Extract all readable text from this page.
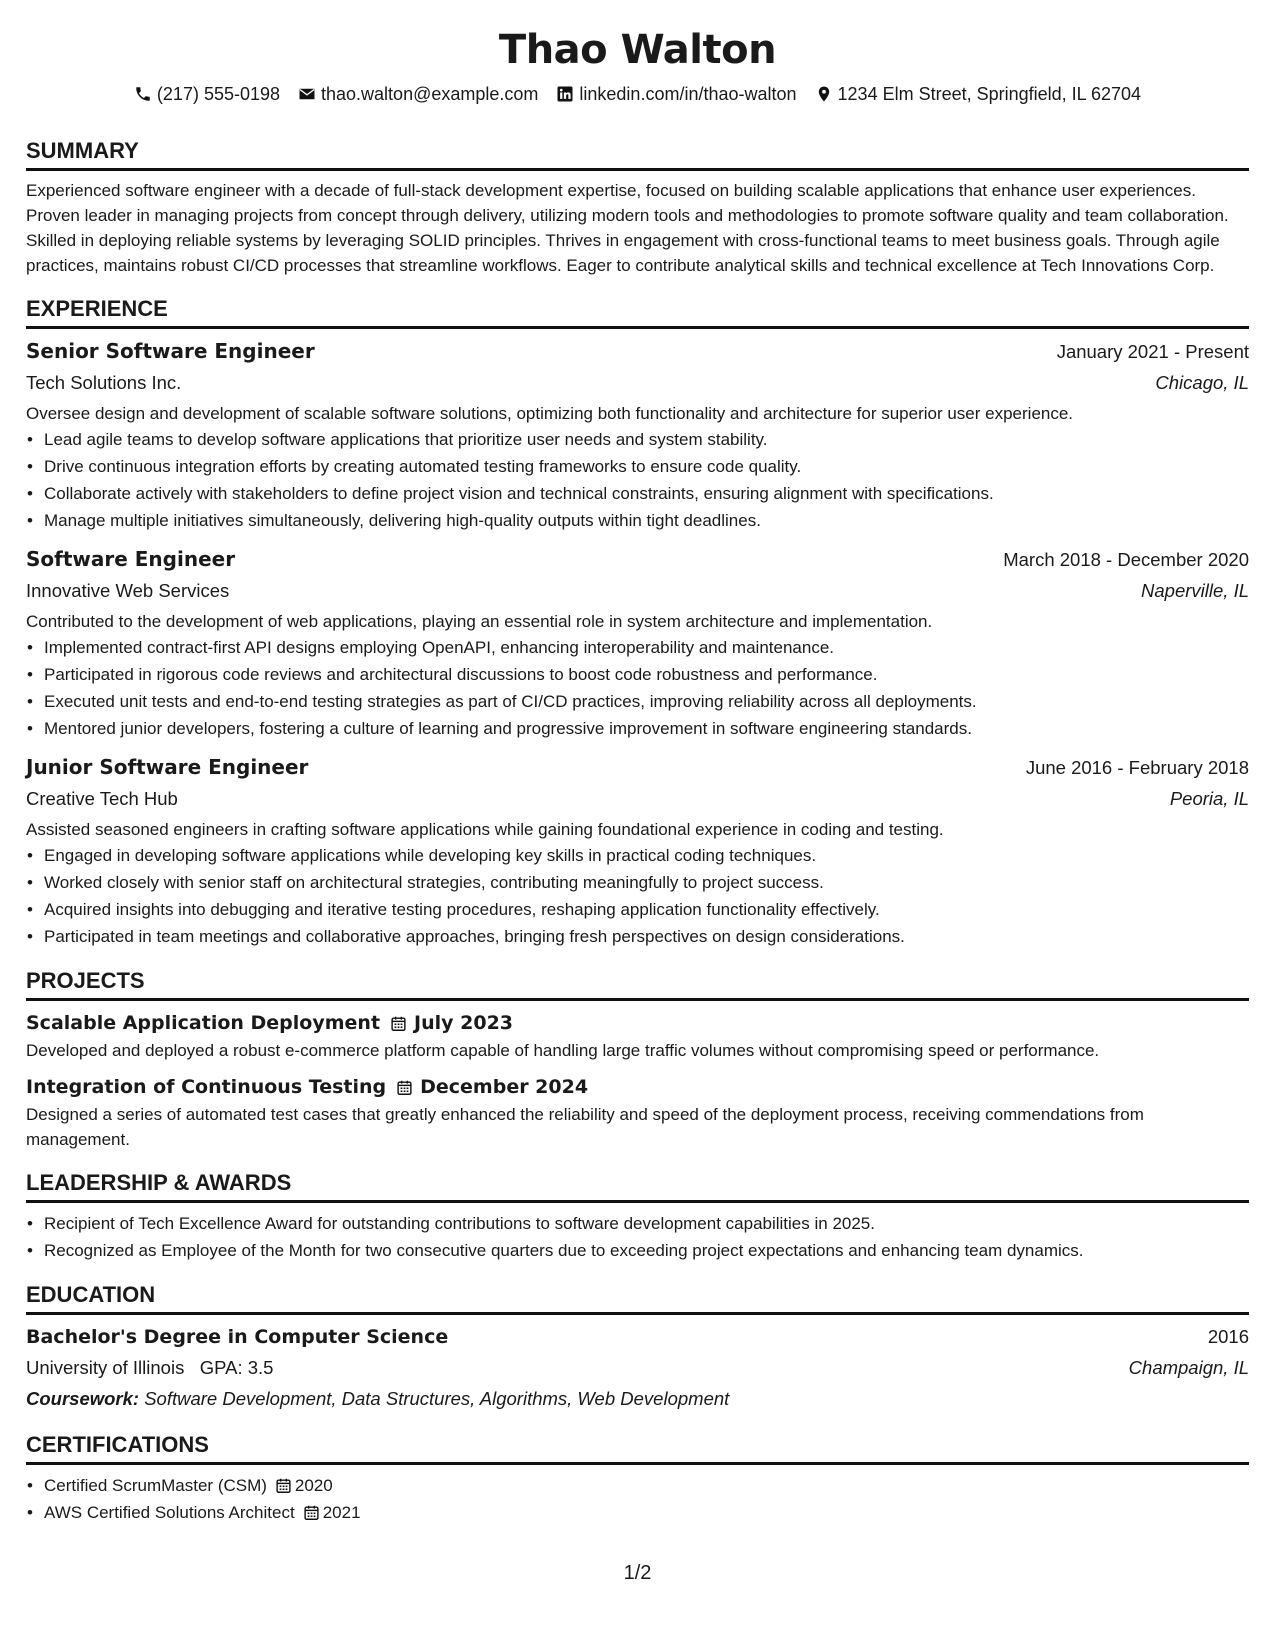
Thao Walton
(217) 555-0198 thao.walton@example.com linkedin.com/in/thao-walton 1234 Elm Street, Springfield, IL 62704
SUMMARY
Experienced software engineer with a decade of full-stack development expertise, focused on building scalable applications that enhance user experiences. Proven leader in managing projects from concept through delivery, utilizing modern tools and methodologies to promote software quality and team collaboration. Skilled in deploying reliable systems by leveraging SOLID principles. Thrives in engagement with cross-functional teams to meet business goals. Through agile practices, maintains robust CI/CD processes that streamline workflows. Eager to contribute analytical skills and technical excellence at Tech Innovations Corp.
EXPERIENCE
Senior Software Engineer	January 2021 - Present
Tech Solutions Inc.	Chicago, IL
Oversee design and development of scalable software solutions, optimizing both functionality and architecture for superior user experience.
• Lead agile teams to develop software applications that prioritize user needs and system stability.
• Drive continuous integration efforts by creating automated testing frameworks to ensure code quality.
• Collaborate actively with stakeholders to define project vision and technical constraints, ensuring alignment with specifications.
• Manage multiple initiatives simultaneously, delivering high-quality outputs within tight deadlines.
Software Engineer	March 2018 - December 2020
Innovative Web Services	Naperville, IL
Contributed to the development of web applications, playing an essential role in system architecture and implementation.
• Implemented contract-first API designs employing OpenAPI, enhancing interoperability and maintenance.
• Participated in rigorous code reviews and architectural discussions to boost code robustness and performance.
• Executed unit tests and end-to-end testing strategies as part of CI/CD practices, improving reliability across all deployments.
• Mentored junior developers, fostering a culture of learning and progressive improvement in software engineering standards.
Junior Software Engineer	June 2016 - February 2018
Creative Tech Hub	Peoria, IL
Assisted seasoned engineers in crafting software applications while gaining foundational experience in coding and testing.
• Engaged in developing software applications while developing key skills in practical coding techniques.
• Worked closely with senior staff on architectural strategies, contributing meaningfully to project success.
• Acquired insights into debugging and iterative testing procedures, reshaping application functionality effectively.
• Participated in team meetings and collaborative approaches, bringing fresh perspectives on design considerations.
PROJECTS
Scalable Application Deployment July 2023
Developed and deployed a robust e-commerce platform capable of handling large traffic volumes without compromising speed or performance.
Integration of Continuous Testing December 2024
Designed a series of automated test cases that greatly enhanced the reliability and speed of the deployment process, receiving commendations from management.
LEADERSHIP & AWARDS
• Recipient of Tech Excellence Award for outstanding contributions to software development capabilities in 2025.
• Recognized as Employee of the Month for two consecutive quarters due to exceeding project expectations and enhancing team dynamics.
EDUCATION
Bachelor's Degree in Computer Science	2016
University of Illinois GPA: 3.5	Champaign, IL
Coursework: Software Development, Data Structures, Algorithms, Web Development
CERTIFICATIONS
• Certified ScrumMaster (CSM) 2020
• AWS Certified Solutions Architect 2021
1/2
